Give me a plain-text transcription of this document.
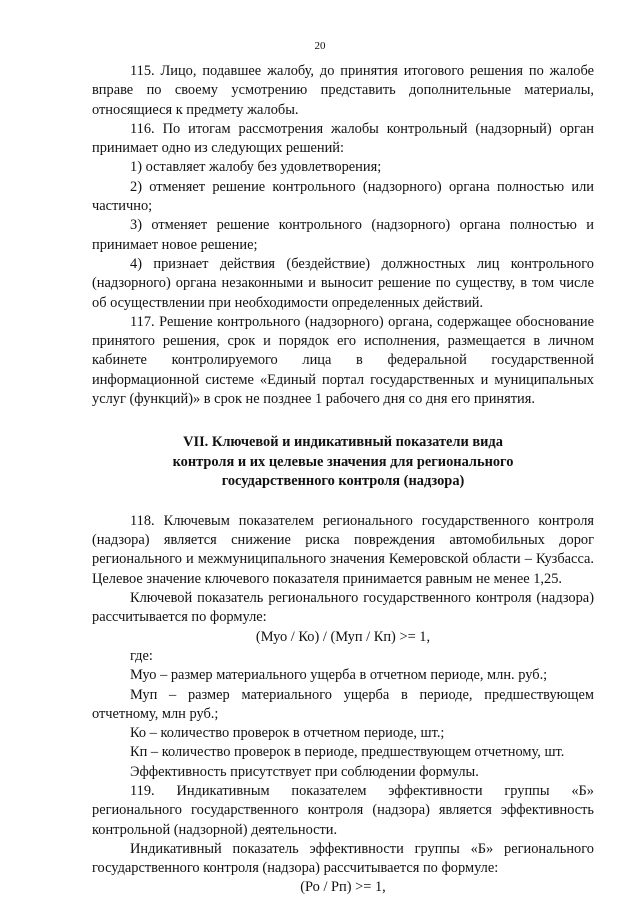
20

115. Лицо, подавшее жалобу, до принятия итогового решения по жалобе вправе по своему усмотрению представить дополнительные материалы, относящиеся к предмету жалобы.

116. По итогам рассмотрения жалобы контрольный (надзорный) орган принимает одно из следующих решений:

1) оставляет жалобу без удовлетворения;

2) отменяет решение контрольного (надзорного) органа полностью или частично;

3) отменяет решение контрольного (надзорного) органа полностью и принимает новое решение;

4) признает действия (бездействие) должностных лиц контрольного (надзорного) органа незаконными и выносит решение по существу, в том числе об осуществлении при необходимости определенных действий.

117. Решение контрольного (надзорного) органа, содержащее обоснование принятого решения, срок и порядок его исполнения, размещается в личном кабинете контролируемого лица в федеральной государственной информационной системе «Единый портал государственных и муниципальных услуг (функций)» в срок не позднее 1 рабочего дня со дня его принятия.

VII. Ключевой и индикативный показатели вида
контроля и их целевые значения для регионального
государственного контроля (надзора)

118. Ключевым показателем регионального государственного контроля (надзора) является снижение риска повреждения автомобильных дорог регионального и межмуниципального значения Кемеровской области – Кузбасса. Целевое значение ключевого показателя принимается равным не менее 1,25.

Ключевой показатель регионального государственного контроля (надзора) рассчитывается по формуле:

(Муо / Ко) / (Муп / Кп) >= 1,

где:

Муо – размер материального ущерба в отчетном периоде, млн. руб.;

Муп – размер материального ущерба в периоде, предшествующем отчетному, млн руб.;

Ко – количество проверок в отчетном периоде, шт.;

Кп – количество проверок в периоде, предшествующем отчетному, шт.

Эффективность присутствует при соблюдении формулы.

119. Индикативным показателем эффективности группы «Б» регионального государственного контроля (надзора) является эффективность контрольной (надзорной) деятельности.

Индикативный показатель эффективности группы «Б» регионального государственного контроля (надзора) рассчитывается по формуле:

(Ро / Рп) >= 1,
